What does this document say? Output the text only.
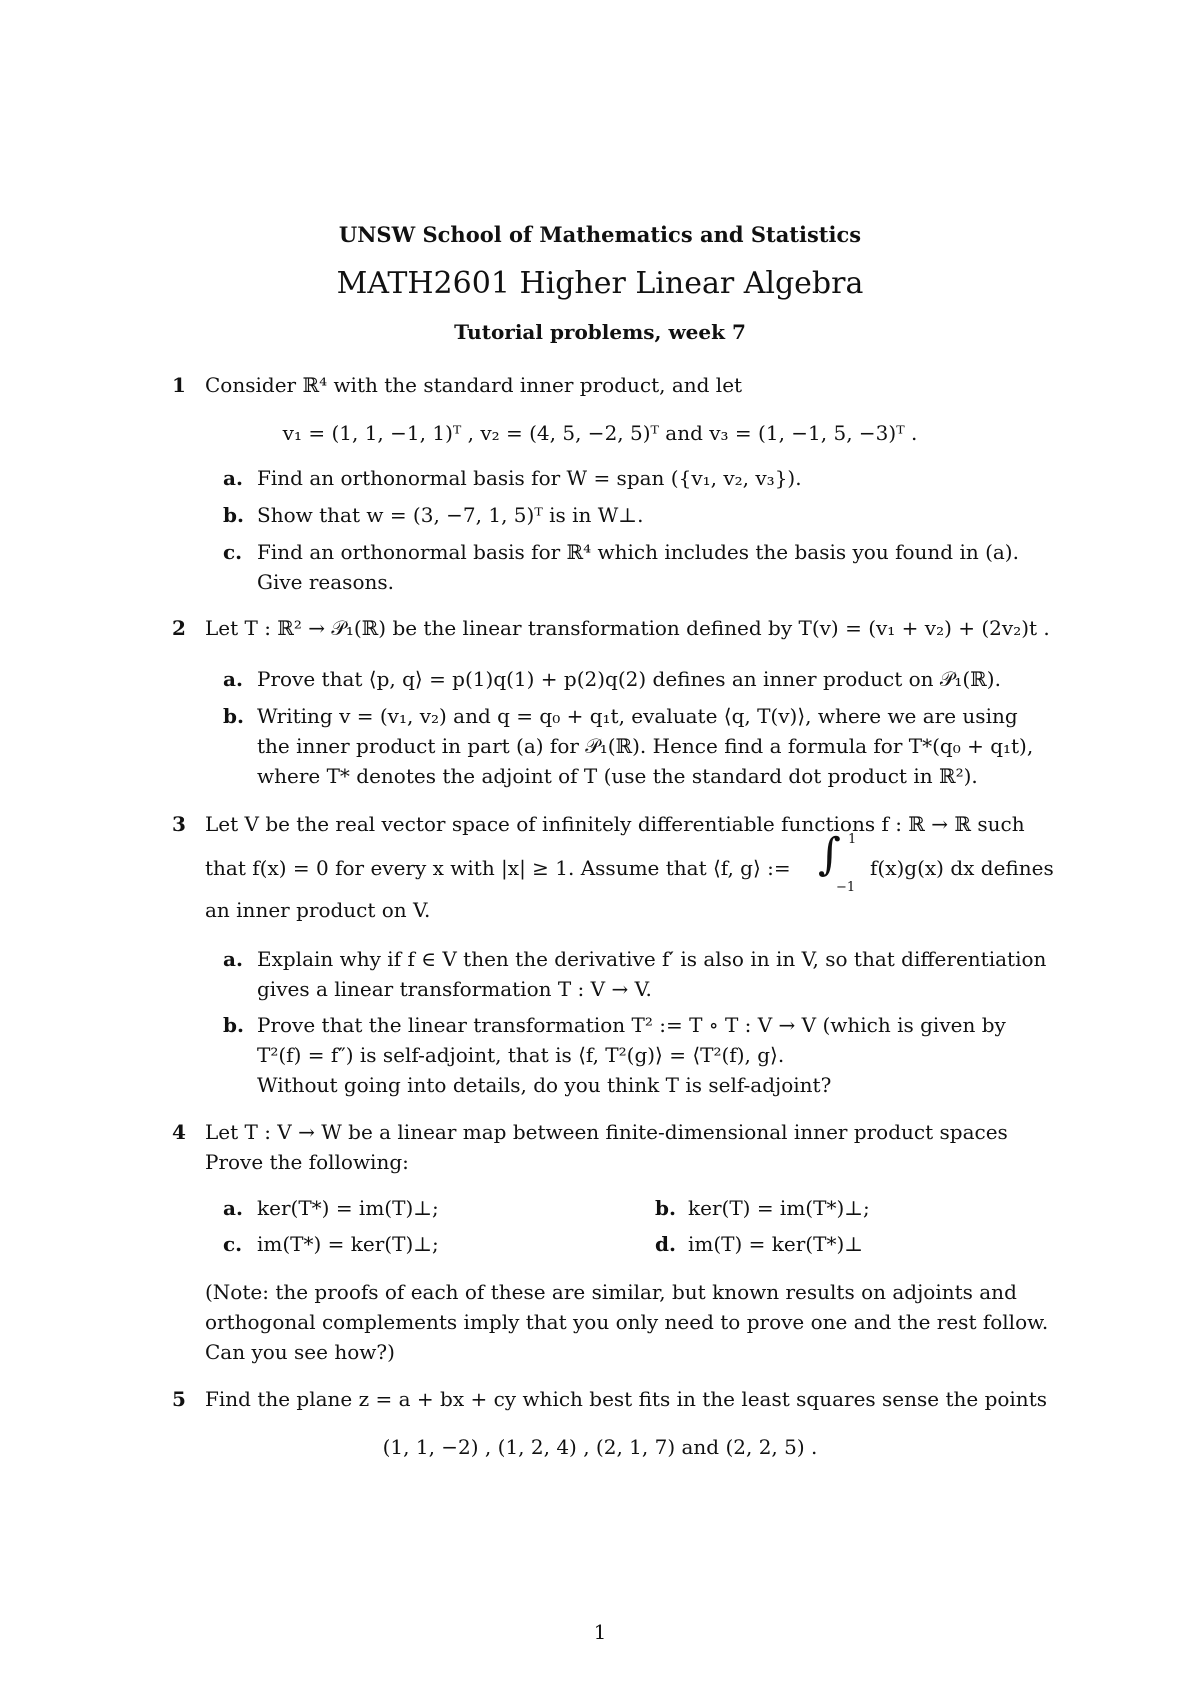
UNSW School of Mathematics and Statistics
MATH2601 Higher Linear Algebra
Tutorial problems, week 7
1 Consider ℝ⁴ with the standard inner product, and let
v₁ = (1, 1, −1, 1)ᵀ , v₂ = (4, 5, −2, 5)ᵀ and v₃ = (1, −1, 5, −3)ᵀ .
a. Find an orthonormal basis for W = span ({v₁, v₂, v₃}).
b. Show that w = (3, −7, 1, 5)ᵀ is in W⊥.
c. Find an orthonormal basis for ℝ⁴ which includes the basis you found in (a).
Give reasons.
2 Let T : ℝ² → 𝒫₁(ℝ) be the linear transformation defined by T(v) = (v₁ + v₂) + (2v₂)t .
a. Prove that ⟨p, q⟩ = p(1)q(1) + p(2)q(2) defines an inner product on 𝒫₁(ℝ).
b. Writing v = (v₁, v₂) and q = q₀ + q₁t, evaluate ⟨q, T(v)⟩, where we are using
the inner product in part (a) for 𝒫₁(ℝ). Hence find a formula for T*(q₀ + q₁t),
where T* denotes the adjoint of T (use the standard dot product in ℝ²).
3 Let V be the real vector space of infinitely differentiable functions f : ℝ → ℝ such
that f(x) = 0 for every x with |x| ≥ 1. Assume that ⟨f, g⟩ := ∫ 1
−1
f(x)g(x) dx defines
an inner product on V.
a. Explain why if f ∈ V then the derivative f′ is also in in V, so that differentiation
gives a linear transformation T : V → V.
b. Prove that the linear transformation T² := T ∘ T : V → V (which is given by
T²(f) = f″) is self-adjoint, that is ⟨f, T²(g)⟩ = ⟨T²(f), g⟩.
Without going into details, do you think T is self-adjoint?
4 Let T : V → W be a linear map between finite-dimensional inner product spaces
Prove the following:
a. ker(T*) = im(T)⊥;	b. ker(T) = im(T*)⊥;
c. im(T*) = ker(T)⊥;	d. im(T) = ker(T*)⊥
(Note: the proofs of each of these are similar, but known results on adjoints and
orthogonal complements imply that you only need to prove one and the rest follow.
Can you see how?)
5 Find the plane z = a + bx + cy which best fits in the least squares sense the points
(1, 1, −2) , (1, 2, 4) , (2, 1, 7) and (2, 2, 5) .
1
